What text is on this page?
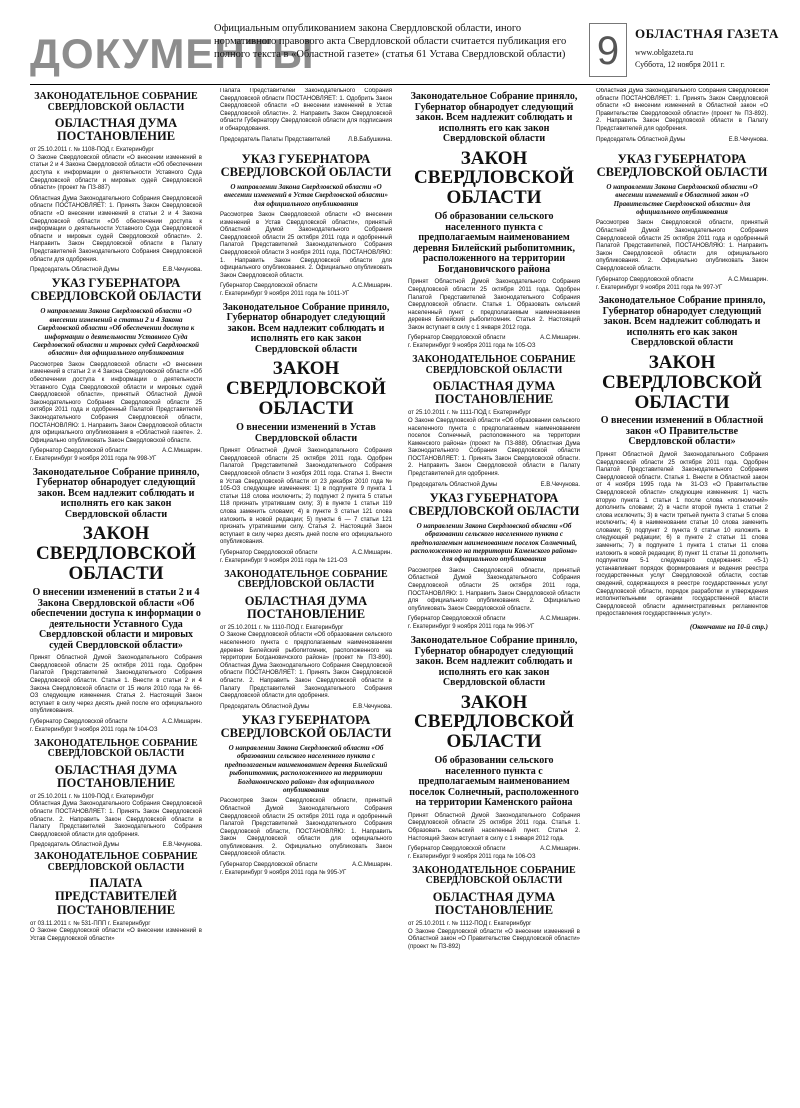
ДОКУМЕНТЫ
Официальным опубликованием закона Свердловской области, иного нормативного правового акта Свердловской области считается публикация его полного текста в «Областной газете» (статья 61 Устава Свердловской области) 9	ОБЛАСТНАЯ ГАЗЕТА
www.oblgazeta.ru
Суббота, 12 ноября 2011 г.
ЗАКОНОДАТЕЛЬНОЕ СОБРАНИЕ СВЕРДЛОВСКОЙ ОБЛАСТИ
ОБЛАСТНАЯ ДУМА ПОСТАНОВЛЕНИЕ
от 25.10.2011 г. № 1108-ПОД г. Екатеринбург

О Законе Свердловской области «О внесении изменений в статьи 2 и 4 Закона Свердловской области «Об обеспечении доступа к информации о деятельности Уставного Суда Свердловской области и мировых судей Свердловской области» (проект № ПЗ-887)

Областная Дума Законодательного Собрания Свердловской области ПОСТАНОВЛЯЕТ: 1. Принять Закон Свердловской области «О внесении изменений в статьи 2 и 4 Закона Свердловской области «Об обеспечении доступа к информации о деятельности Уставного Суда Свердловской области и мировых судей Свердловской области». 2. Направить Закон Свердловской области в Палату Представителей Законодательного Собрания Свердловской области для одобрения.

Председатель Областной Думы	Е.В.Чечунова.
УКАЗ ГУБЕРНАТОРА СВЕРДЛОВСКОЙ ОБЛАСТИ
О направлении Закона Свердловской области «О внесении изменений в статьи 2 и 4 Закона Свердловской области «Об обеспечении доступа к информации о деятельности Уставного Суда Свердловской области и мировых судей Свердловской области» для официального опубликования

Рассмотрев Закон Свердловской области «О внесении изменений в статьи 2 и 4 Закона Свердловской области «Об обеспечении доступа к информации о деятельности Уставного Суда Свердловской области и мировых судей Свердловской области», принятый Областной Думой Законодательного Собрания Свердловской области 25 октября 2011 года и одобренный Палатой Представителей Законодательного Собрания Свердловской области, ПОСТАНОВЛЯЮ: 1. Направить Закон Свердловской области для официального опубликования в «Областной газете». 2. Официально опубликовать Закон Свердловской области.

Губернатор Свердловской области	А.С.Мишарин.
г. Екатеринбург 9 ноября 2011 года № 998-УГ
Законодательное Собрание приняло, Губернатор обнародует следующий закон. Всем надлежит соблюдать и исполнять его как закон Свердловской области
ЗАКОН СВЕРДЛОВСКОЙ ОБЛАСТИ
О внесении изменений в статьи 2 и 4 Закона Свердловской области «Об обеспечении доступа к информации о деятельности Уставного Суда Свердловской области и мировых судей Свердловской области»

Принят Областной Думой Законодательного Собрания Свердловской области 25 октября 2011 года. Одобрен Палатой Представителей Законодательного Собрания Свердловской области. Статья 1. Внести в статьи 2 и 4 Закона Свердловской области от 15 июля 2010 года № 66-ОЗ следующие изменения. Статья 2. Настоящий Закон вступает в силу через десять дней после его официального опубликования.

Губернатор Свердловской области	А.С.Мишарин.
г. Екатеринбург 9 ноября 2011 года № 104-ОЗ
ЗАКОНОДАТЕЛЬНОЕ СОБРАНИЕ СВЕРДЛОВСКОЙ ОБЛАСТИ
ОБЛАСТНАЯ ДУМА ПОСТАНОВЛЕНИЕ
от 25.10.2011 г. № 1109-ПОД г. Екатеринбург

Областная Дума Законодательного Собрания Свердловской области ПОСТАНОВЛЯЕТ: 1. Принять Закон Свердловской области. 2. Направить Закон Свердловской области в Палату Представителей Законодательного Собрания Свердловской области для одобрения.

Председатель Областной Думы	Е.В.Чечунова.
ЗАКОНОДАТЕЛЬНОЕ СОБРАНИЕ СВЕРДЛОВСКОЙ ОБЛАСТИ
ПАЛАТА ПРЕДСТАВИТЕЛЕЙ ПОСТАНОВЛЕНИЕ
от 03.11.2011 г. № 531-ППП г. Екатеринбург

О Законе Свердловской области «О внесении изменений в Устав Свердловской области»

Палата Представителей Законодательного Собрания Свердловской области ПОСТАНОВЛЯЕТ: 1. Одобрить Закон Свердловской области «О внесении изменений в Устав Свердловской области». 2. Направить Закон Свердловской области Губернатору Свердловской области для подписания и обнародования.

Председатель Палаты Представителей	Л.В.Бабушкина.
УКАЗ ГУБЕРНАТОРА СВЕРДЛОВСКОЙ ОБЛАСТИ
О направлении Закона Свердловской области «О внесении изменений в Устав Свердловской области» для официального опубликования

Рассмотрев Закон Свердловской области «О внесении изменений в Устав Свердловской области», принятый Областной Думой Законодательного Собрания Свердловской области 25 октября 2011 года и одобренный Палатой Представителей Законодательного Собрания Свердловской области 3 ноября 2011 года, ПОСТАНОВЛЯЮ: 1. Направить Закон Свердловской области для официального опубликования. 2. Официально опубликовать Закон Свердловской области.

Губернатор Свердловской области	А.С.Мишарин.
г. Екатеринбург 9 ноября 2011 года № 1011-УГ
Законодательное Собрание приняло, Губернатор обнародует следующий закон. Всем надлежит соблюдать и исполнять его как закон Свердловской области
ЗАКОН СВЕРДЛОВСКОЙ ОБЛАСТИ
О внесении изменений в Устав Свердловской области

Принят Областной Думой Законодательного Собрания Свердловской области 25 октября 2011 года. Одобрен Палатой Представителей Законодательного Собрания Свердловской области 3 ноября 2011 года. Статья 1. Внести в Устав Свердловской области от 23 декабря 2010 года № 105-ОЗ следующие изменения: 1) в подпункте 9 пункта 1 статьи 118 слова исключить; 2) подпункт 2 пункта 5 статьи 118 признать утратившим силу; 3) в пункте 1 статьи 119 слова заменить словами; 4) в пункте 3 статьи 121 слова изложить в новой редакции; 5) пункты 6 — 7 статьи 121 признать утратившими силу. Статья 2. Настоящий Закон вступает в силу через десять дней после его официального опубликования.

Губернатор Свердловской области	А.С.Мишарин.
г. Екатеринбург 9 ноября 2011 года № 121-ОЗ
ЗАКОНОДАТЕЛЬНОЕ СОБРАНИЕ СВЕРДЛОВСКОЙ ОБЛАСТИ
ОБЛАСТНАЯ ДУМА ПОСТАНОВЛЕНИЕ
от 25.10.2011 г. № 1110-ПОД г. Екатеринбург

О Законе Свердловской области «Об образовании сельского населенного пункта с предполагаемым наименованием деревня Билейский рыбопитомник, расположенного на территории Богдановичского района» (проект № ПЗ-890). Областная Дума Законодательного Собрания Свердловской области ПОСТАНОВЛЯЕТ: 1. Принять Закон Свердловской области. 2. Направить Закон Свердловской области в Палату Представителей Законодательного Собрания Свердловской области для одобрения.

Председатель Областной Думы	Е.В.Чечунова.
УКАЗ ГУБЕРНАТОРА СВЕРДЛОВСКОЙ ОБЛАСТИ
О направлении Закона Свердловской области «Об образовании сельского населенного пункта с предполагаемым наименованием деревня Билейский рыбопитомник, расположенного на территории Богдановичского района» для официального опубликования

Рассмотрев Закон Свердловской области, принятый Областной Думой Законодательного Собрания Свердловской области 25 октября 2011 года и одобренный Палатой Представителей Законодательного Собрания Свердловской области, ПОСТАНОВЛЯЮ: 1. Направить Закон Свердловской области для официального опубликования. 2. Официально опубликовать Закон Свердловской области.

Губернатор Свердловской области	А.С.Мишарин.
г. Екатеринбург 9 ноября 2011 года № 995-УГ
Законодательное Собрание приняло, Губернатор обнародует следующий закон. Всем надлежит соблюдать и исполнять его как закон Свердловской области
ЗАКОН СВЕРДЛОВСКОЙ ОБЛАСТИ
Об образовании сельского населенного пункта с предполагаемым наименованием деревня Билейский рыбопитомник, расположенного на территории Богдановичского района

Принят Областной Думой Законодательного Собрания Свердловской области 25 октября 2011 года. Одобрен Палатой Представителей Законодательного Собрания Свердловской области. Статья 1. Образовать сельский населенный пункт с предполагаемым наименованием деревня Билейский рыбопитомник. Статья 2. Настоящий Закон вступает в силу с 1 января 2012 года.

Губернатор Свердловской области	А.С.Мишарин.
г. Екатеринбург 9 ноября 2011 года № 105-ОЗ
ЗАКОНОДАТЕЛЬНОЕ СОБРАНИЕ СВЕРДЛОВСКОЙ ОБЛАСТИ
ОБЛАСТНАЯ ДУМА ПОСТАНОВЛЕНИЕ
от 25.10.2011 г. № 1111-ПОД г. Екатеринбург

О Законе Свердловской области «Об образовании сельского населенного пункта с предполагаемым наименованием поселок Солнечный, расположенного на территории Каменского района» (проект № ПЗ-888). Областная Дума Законодательного Собрания Свердловской области ПОСТАНОВЛЯЕТ: 1. Принять Закон Свердловской области. 2. Направить Закон Свердловской области в Палату Представителей для одобрения.

Председатель Областной Думы	Е.В.Чечунова.
УКАЗ ГУБЕРНАТОРА СВЕРДЛОВСКОЙ ОБЛАСТИ
О направлении Закона Свердловской области «Об образовании сельского населенного пункта с предполагаемым наименованием поселок Солнечный, расположенного на территории Каменского района» для официального опубликования

Рассмотрев Закон Свердловской области, принятый Областной Думой Законодательного Собрания Свердловской области 25 октября 2011 года, ПОСТАНОВЛЯЮ: 1. Направить Закон Свердловской области для официального опубликования. 2. Официально опубликовать Закон Свердловской области.

Губернатор Свердловской области	А.С.Мишарин.
г. Екатеринбург 9 ноября 2011 года № 996-УГ
Законодательное Собрание приняло, Губернатор обнародует следующий закон. Всем надлежит соблюдать и исполнять его как закон Свердловской области
ЗАКОН СВЕРДЛОВСКОЙ ОБЛАСТИ
Об образовании сельского населенного пункта с предполагаемым наименованием поселок Солнечный, расположенного на территории Каменского района

Принят Областной Думой Законодательного Собрания Свердловской области 25 октября 2011 года. Статья 1. Образовать сельский населенный пункт. Статья 2. Настоящий Закон вступает в силу с 1 января 2012 года.

Губернатор Свердловской области	А.С.Мишарин.
г. Екатеринбург 9 ноября 2011 года № 106-ОЗ
ЗАКОНОДАТЕЛЬНОЕ СОБРАНИЕ СВЕРДЛОВСКОЙ ОБЛАСТИ
ОБЛАСТНАЯ ДУМА ПОСТАНОВЛЕНИЕ
от 25.10.2011 г. № 1112-ПОД г. Екатеринбург

О Законе Свердловской области «О внесении изменений в Областной закон «О Правительстве Свердловской области» (проект № ПЗ-892)

Областная Дума Законодательного Собрания Свердловской области ПОСТАНОВЛЯЕТ: 1. Принять Закон Свердловской области «О внесении изменений в Областной закон «О Правительстве Свердловской области» (проект № ПЗ-892). 2. Направить Закон Свердловской области в Палату Представителей для одобрения.

Председатель Областной Думы	Е.В.Чечунова.
УКАЗ ГУБЕРНАТОРА СВЕРДЛОВСКОЙ ОБЛАСТИ
О направлении Закона Свердловской области «О внесении изменений в Областной закон «О Правительстве Свердловской области» для официального опубликования

Рассмотрев Закон Свердловской области, принятый Областной Думой Законодательного Собрания Свердловской области 25 октября 2011 года и одобренный Палатой Представителей, ПОСТАНОВЛЯЮ: 1. Направить Закон Свердловской области для официального опубликования. 2. Официально опубликовать Закон Свердловской области.

Губернатор Свердловской области	А.С.Мишарин.
г. Екатеринбург 9 ноября 2011 года № 997-УГ
Законодательное Собрание приняло, Губернатор обнародует следующий закон. Всем надлежит соблюдать и исполнять его как закон Свердловской области
ЗАКОН СВЕРДЛОВСКОЙ ОБЛАСТИ
О внесении изменений в Областной закон «О Правительстве Свердловской области»

Принят Областной Думой Законодательного Собрания Свердловской области 25 октября 2011 года. Одобрен Палатой Представителей Законодательного Собрания Свердловской области. Статья 1. Внести в Областной закон от 4 ноября 1995 года № 31-ОЗ «О Правительстве Свердловской области» следующие изменения: 1) часть вторую пункта 1 статьи 1 после слова «полномочий» дополнить словами; 2) в части второй пункта 1 статьи 2 слова исключить; 3) в части третьей пункта 3 статьи 5 слова исключить; 4) в наименовании статьи 10 слова заменить словами; 5) подпункт 2 пункта 9 статьи 10 изложить в следующей редакции; 6) в пункте 2 статьи 11 слова заменить; 7) в подпункте 1 пункта 1 статьи 11 слова изложить в новой редакции; 8) пункт 11 статьи 11 дополнить подпунктом 5-1 следующего содержания: «5-1) устанавливает порядок формирования и ведения реестра государственных услуг Свердловской области, состав сведений, содержащихся в реестре государственных услуг Свердловской области, порядок разработки и утверждения исполнительными органами государственной власти Свердловской области административных регламентов предоставления государственных услуг».

(Окончание на 10-й стр.)
